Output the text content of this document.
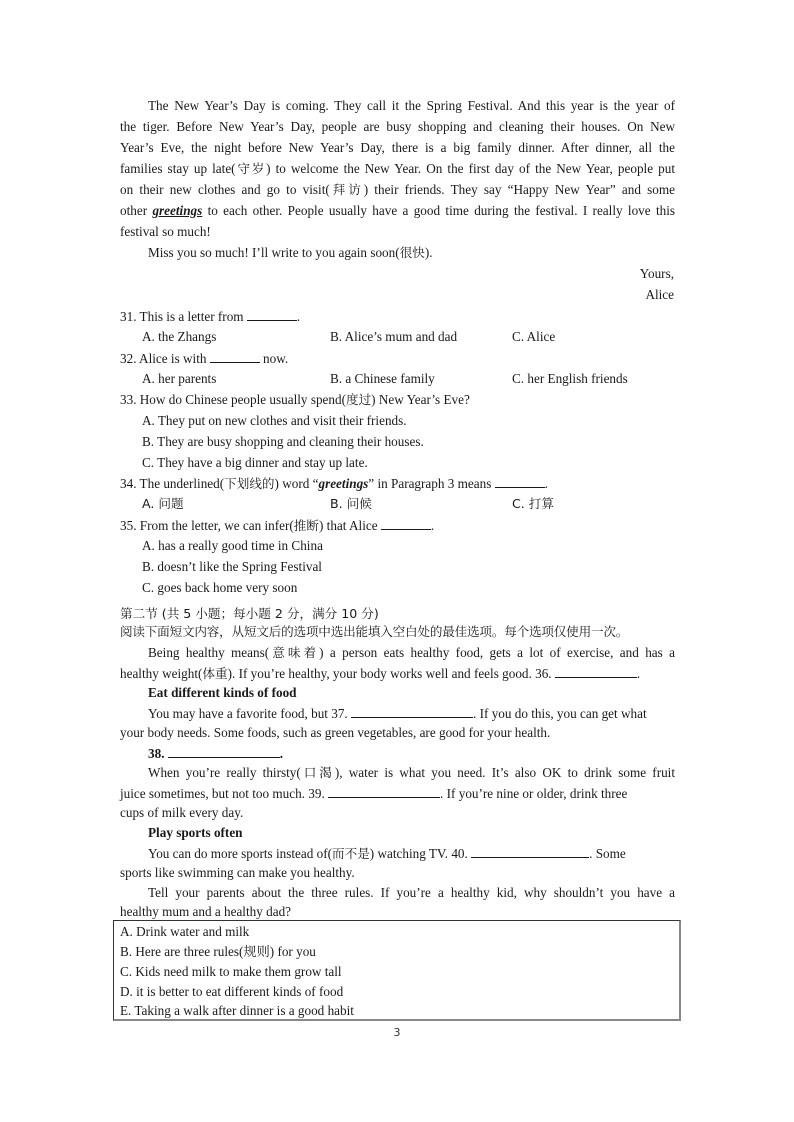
The New Year’s Day is coming. They call it the Spring Festival. And this year is the year of
the tiger. Before New Year’s Day, people are busy shopping and cleaning their houses. On New
Year’s Eve, the night before New Year’s Day, there is a big family dinner. After dinner, all the
families stay up late(守岁) to welcome the New Year. On the first day of the New Year, people put
on their new clothes and go to visit(拜访) their friends. They say “Happy New Year” and some
other greetings to each other. People usually have a good time during the festival. I really love this
festival so much!
Miss you so much! I’ll write to you again soon(很快).
Yours,
Alice
31. This is a letter from	.
A. the Zhangs	B. Alice’s mum and dad	C. Alice
32. Alice is with	now.
A. her parents	B. a Chinese family	C. her English friends
33. How do Chinese people usually spend(度过) New Year’s Eve?
A. They put on new clothes and visit their friends.
B. They are busy shopping and cleaning their houses.
C. They have a big dinner and stay up late.
34. The underlined(下划线的) word “greetings” in Paragraph 3 means	.
A. 问题	B. 问候	C. 打算
35. From the letter, we can infer(推断) that Alice	.
A. has a really good time in China
B. doesn’t like the Spring Festival
C. goes back home very soon
第二节 (共 5 小题；每小题 2 分，满分 10 分)
阅读下面短文内容，从短文后的选项中选出能填入空白处的最佳选项。每个选项仅使用一次。
Being healthy means(意味着) a person eats healthy food, gets a lot of exercise, and has a
healthy weight(体重). If you’re healthy, your body works well and feels good. 36.	.
Eat different kinds of food
You may have a favorite food, but 37.	. If you do this, you can get what
your body needs. Some foods, such as green vegetables, are good for your health.
38.	.
When you’re really thirsty(口渴), water is what you need. It’s also OK to drink some fruit
juice sometimes, but not too much. 39.	. If you’re nine or older, drink three
cups of milk every day.
Play sports often
You can do more sports instead of(而不是) watching TV. 40.	. Some
sports like swimming can make you healthy.
Tell your parents about the three rules. If you’re a healthy kid, why shouldn’t you have a
healthy mum and a healthy dad?
A. Drink water and milk
B. Here are three rules(规则) for you
C. Kids need milk to make them grow tall
D. it is better to eat different kinds of food
E. Taking a walk after dinner is a good habit
3
